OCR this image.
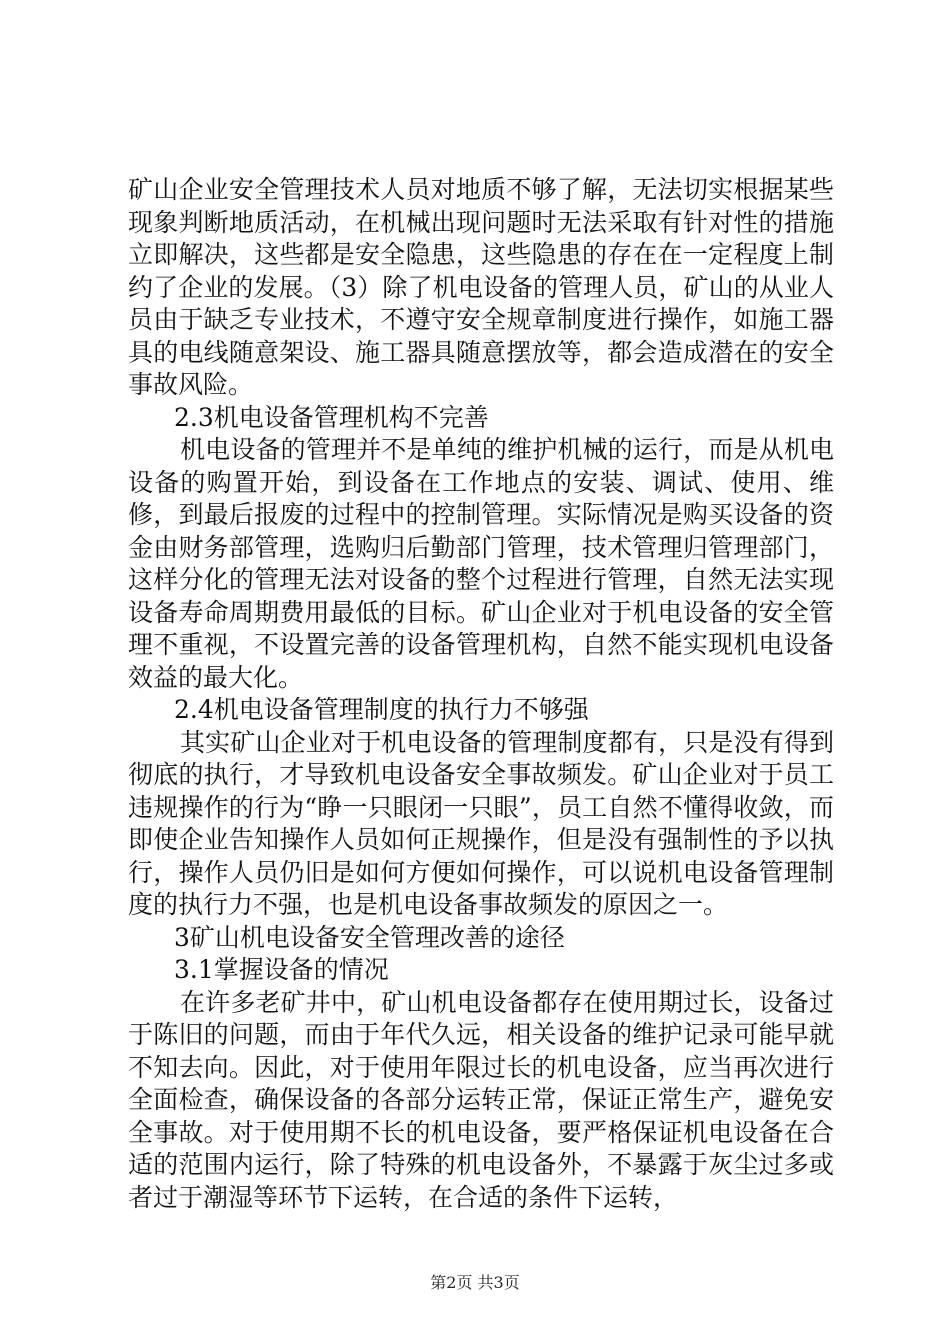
矿山企业安全管理技术人员对地质不够了解，无法切实根据某些现象判断地质活动，在机械出现问题时无法采取有针对性的措施立即解决，这些都是安全隐患，这些隐患的存在在一定程度上制约了企业的发展。（3）除了机电设备的管理人员，矿山的从业人员由于缺乏专业技术，不遵守安全规章制度进行操作，如施工器具的电线随意架设、施工器具随意摆放等，都会造成潜在的安全事故风险。

2.3机电设备管理机构不完善

机电设备的管理并不是单纯的维护机械的运行，而是从机电设备的购置开始，到设备在工作地点的安装、调试、使用、维修，到最后报废的过程中的控制管理。实际情况是购买设备的资金由财务部管理，选购归后勤部门管理，技术管理归管理部门，这样分化的管理无法对设备的整个过程进行管理，自然无法实现设备寿命周期费用最低的目标。矿山企业对于机电设备的安全管理不重视，不设置完善的设备管理机构，自然不能实现机电设备效益的最大化。

2.4机电设备管理制度的执行力不够强

其实矿山企业对于机电设备的管理制度都有，只是没有得到彻底的执行，才导致机电设备安全事故频发。矿山企业对于员工违规操作的行为“睁一只眼闭一只眼”，员工自然不懂得收敛，而即使企业告知操作人员如何正规操作，但是没有强制性的予以执行，操作人员仍旧是如何方便如何操作，可以说机电设备管理制度的执行力不强，也是机电设备事故频发的原因之一。

3矿山机电设备安全管理改善的途径

3.1掌握设备的情况

在许多老矿井中，矿山机电设备都存在使用期过长，设备过于陈旧的问题，而由于年代久远，相关设备的维护记录可能早就不知去向。因此，对于使用年限过长的机电设备，应当再次进行全面检查，确保设备的各部分运转正常，保证正常生产，避免安全事故。对于使用期不长的机电设备，要严格保证机电设备在合适的范围内运行，除了特殊的机电设备外，不暴露于灰尘过多或者过于潮湿等环节下运转，在合适的条件下运转，

第2页 共3页
